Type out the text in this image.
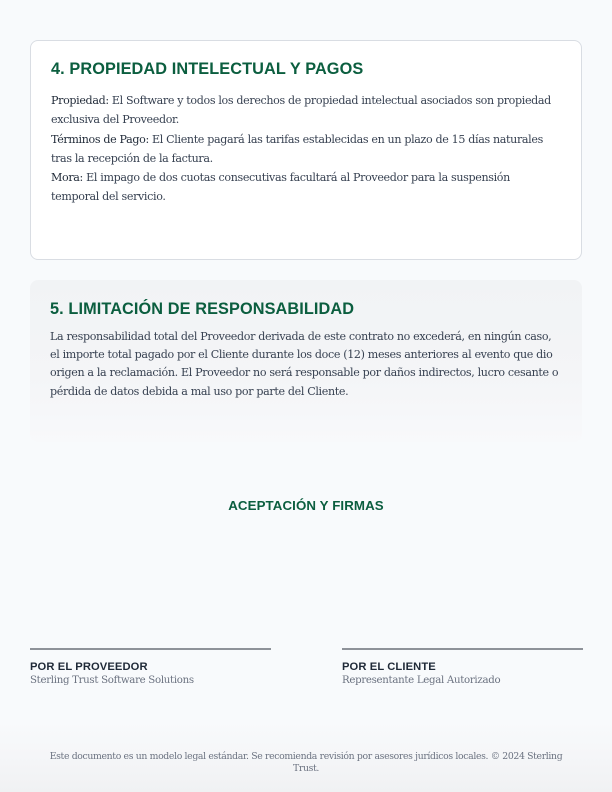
4. PROPIEDAD INTELECTUAL Y PAGOS

Propiedad: El Software y todos los derechos de propiedad intelectual asociados son propiedad exclusiva del Proveedor.

Términos de Pago: El Cliente pagará las tarifas establecidas en un plazo de 15 días naturales tras la recepción de la factura.

Mora: El impago de dos cuotas consecutivas facultará al Proveedor para la suspensión temporal del servicio.

5. LIMITACIÓN DE RESPONSABILIDAD

La responsabilidad total del Proveedor derivada de este contrato no excederá, en ningún caso, el importe total pagado por el Cliente durante los doce (12) meses anteriores al evento que dio origen a la reclamación. El Proveedor no será responsable por daños indirectos, lucro cesante o pérdida de datos debida a mal uso por parte del Cliente.

ACEPTACIÓN Y FIRMAS
POR EL PROVEEDOR
Sterling Trust Software Solutions
POR EL CLIENTE
Representante Legal Autorizado
Este documento es un modelo legal estándar. Se recomienda revisión por asesores jurídicos locales. © 2024 Sterling Trust.
